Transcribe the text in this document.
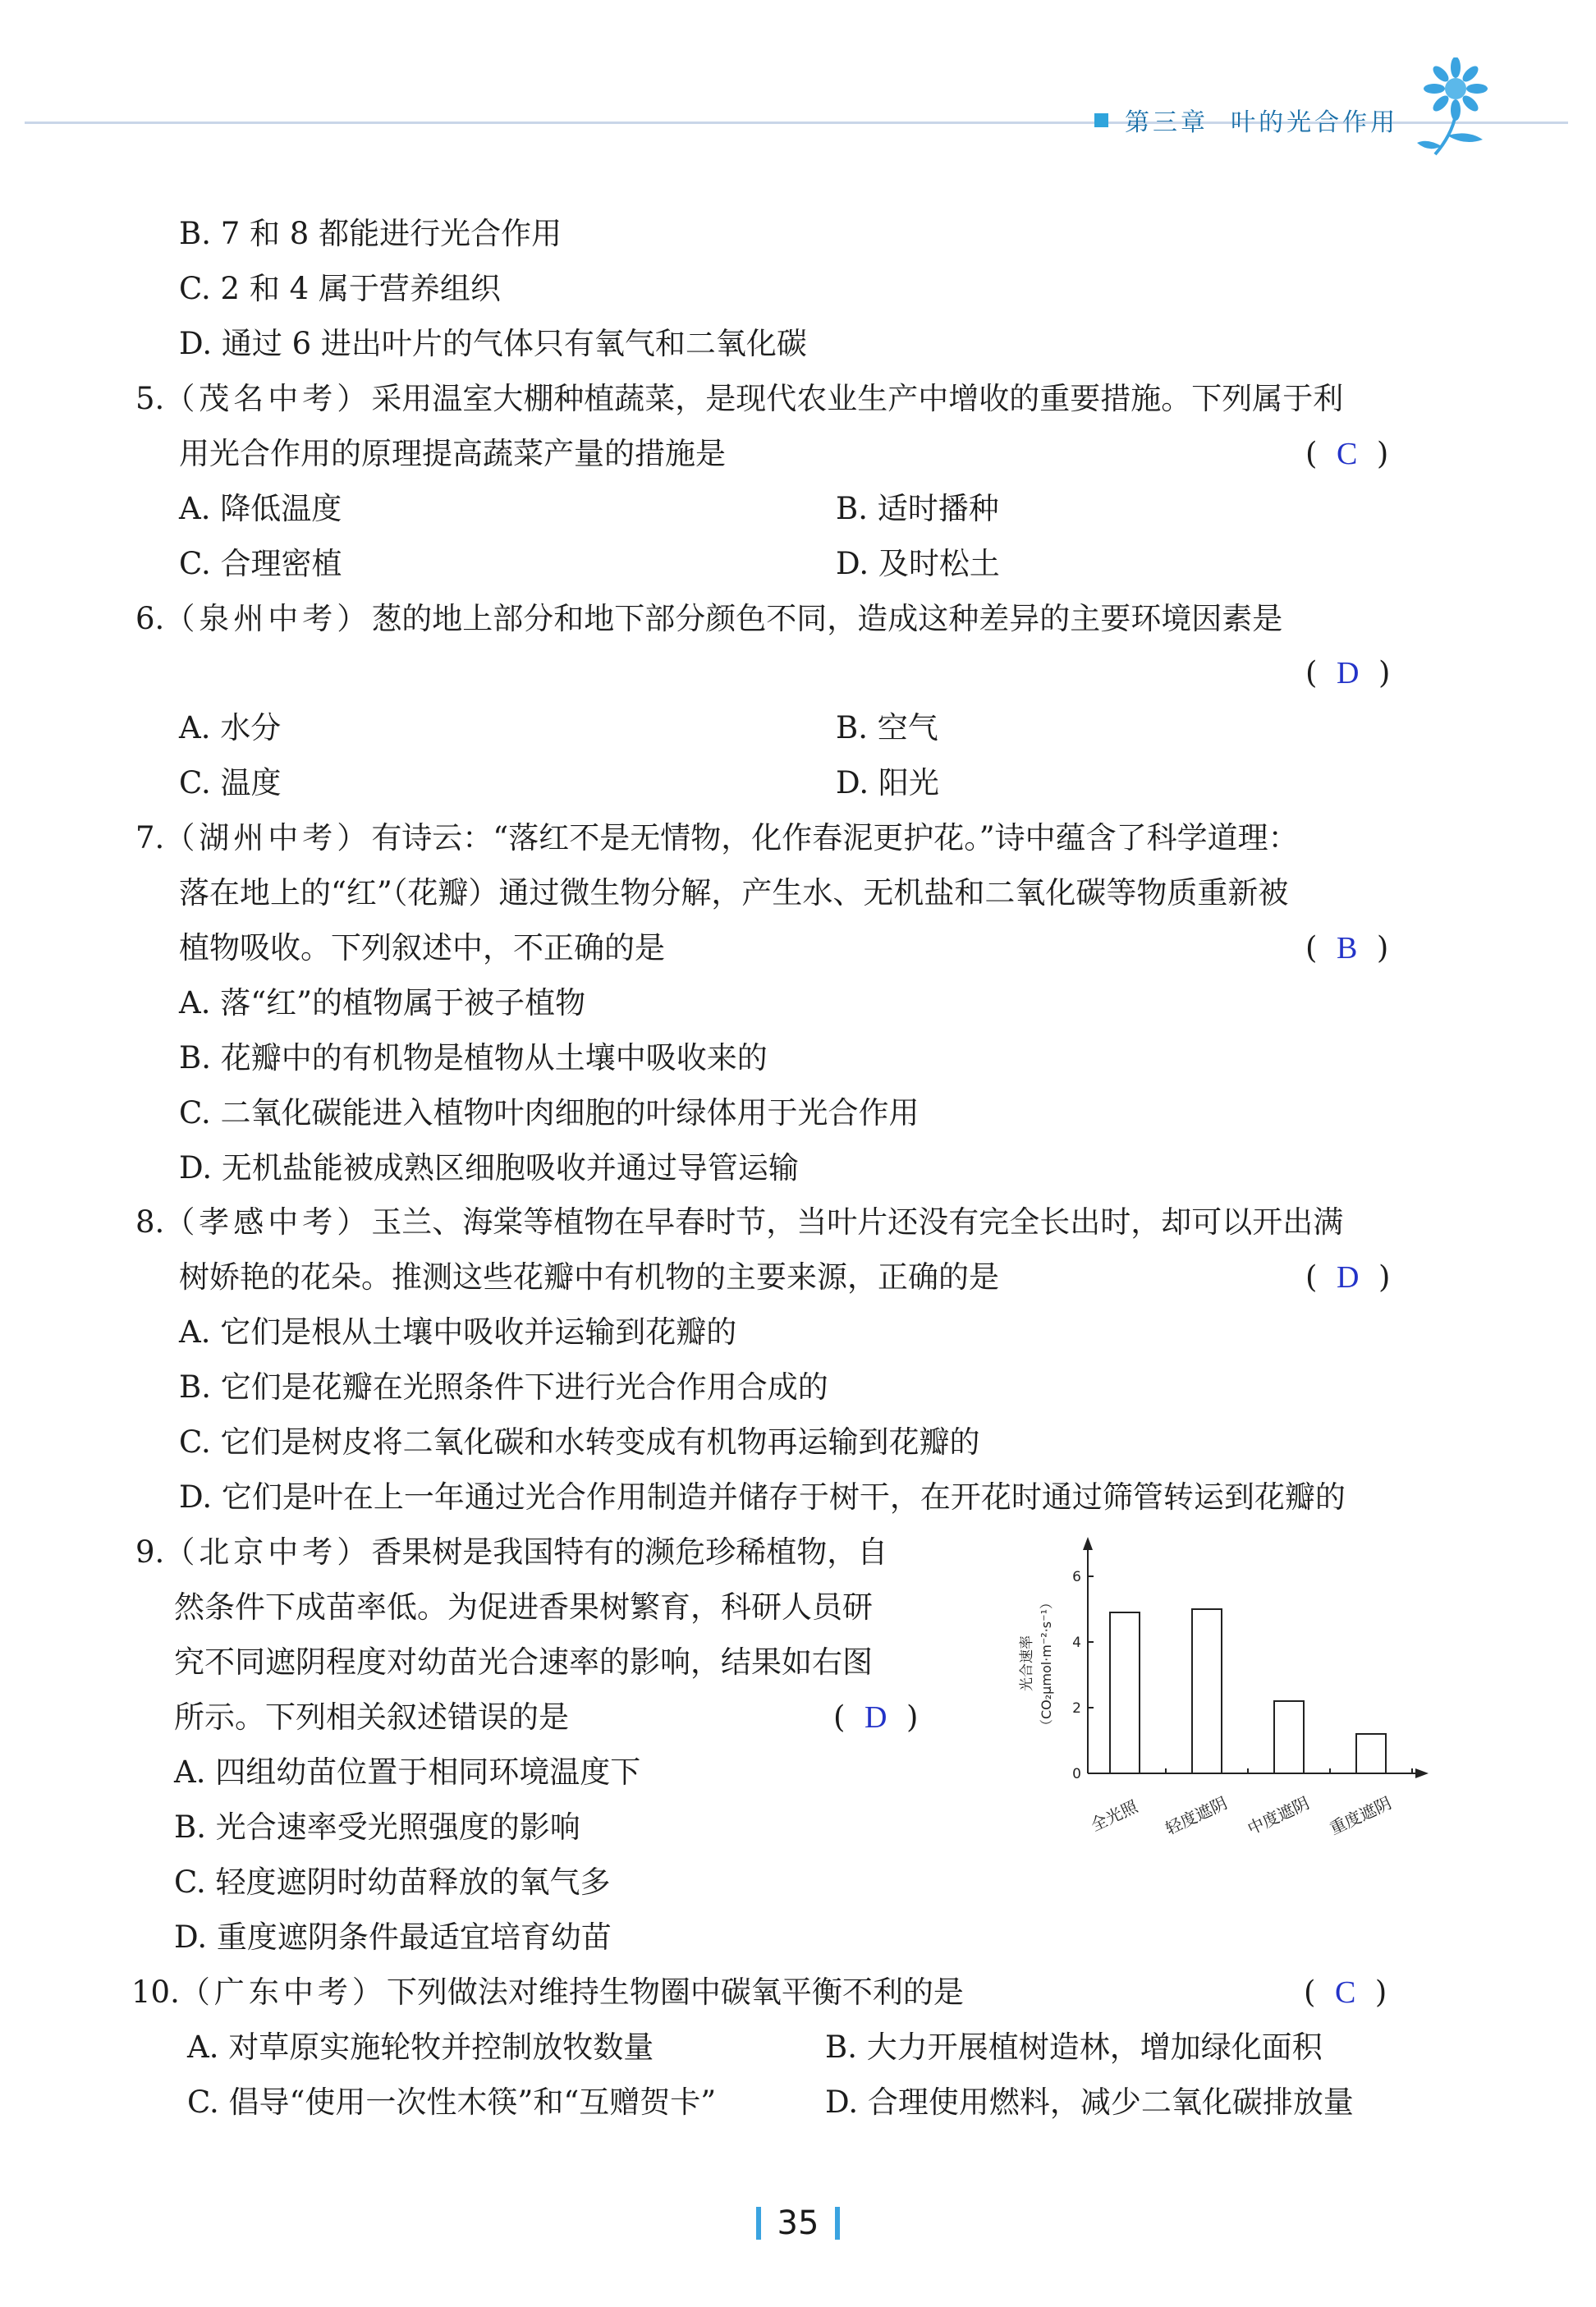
第三章 叶的光合作用
B. 7 和 8 都能进行光合作用
C. 2 和 4 属于营养组织
D. 通过 6 进出叶片的气体只有氧气和二氧化碳
5.（茂名中考）采用温室大棚种植蔬菜，是现代农业生产中增收的重要措施。下列属于利
用光合作用的原理提高蔬菜产量的措施是	(  C  )
A. 降低温度	B. 适时播种
C. 合理密植	D. 及时松土
6.（泉州中考）葱的地上部分和地下部分颜色不同，造成这种差异的主要环境因素是
(  D  )
A. 水分	B. 空气
C. 温度	D. 阳光
7.（湖州中考）有诗云：“落红不是无情物，化作春泥更护花。”诗中蕴含了科学道理：
落在地上的“红”（花瓣）通过微生物分解，产生水、无机盐和二氧化碳等物质重新被
植物吸收。下列叙述中，不正确的是	(  B  )
A. 落“红”的植物属于被子植物
B. 花瓣中的有机物是植物从土壤中吸收来的
C. 二氧化碳能进入植物叶肉细胞的叶绿体用于光合作用
D. 无机盐能被成熟区细胞吸收并通过导管运输
8.（孝感中考）玉兰、海棠等植物在早春时节，当叶片还没有完全长出时，却可以开出满
树娇艳的花朵。推测这些花瓣中有机物的主要来源，正确的是	(  D  )
A. 它们是根从土壤中吸收并运输到花瓣的
B. 它们是花瓣在光照条件下进行光合作用合成的
C. 它们是树皮将二氧化碳和水转变成有机物再运输到花瓣的
D. 它们是叶在上一年通过光合作用制造并储存于树干，在开花时通过筛管转运到花瓣的
9.（北京中考）香果树是我国特有的濒危珍稀植物，自
然条件下成苗率低。为促进香果树繁育，科研人员研
究不同遮阴程度对幼苗光合速率的影响，结果如右图
所示。下列相关叙述错误的是	(  D  )
A. 四组幼苗位置于相同环境温度下
B. 光合速率受光照强度的影响
C. 轻度遮阴时幼苗释放的氧气多
D. 重度遮阴条件最适宜培育幼苗
光合速率 （CO₂μmol·m⁻²·s⁻¹）
0
2
4
6
全光照 轻度遮阴 中度遮阴 重度遮阴
10.（广东中考）下列做法对维持生物圈中碳氧平衡不利的是	(  C  )
A. 对草原实施轮牧并控制放牧数量	B. 大力开展植树造林，增加绿化面积
C. 倡导“使用一次性木筷”和“互赠贺卡”	D. 合理使用燃料，减少二氧化碳排放量
35
